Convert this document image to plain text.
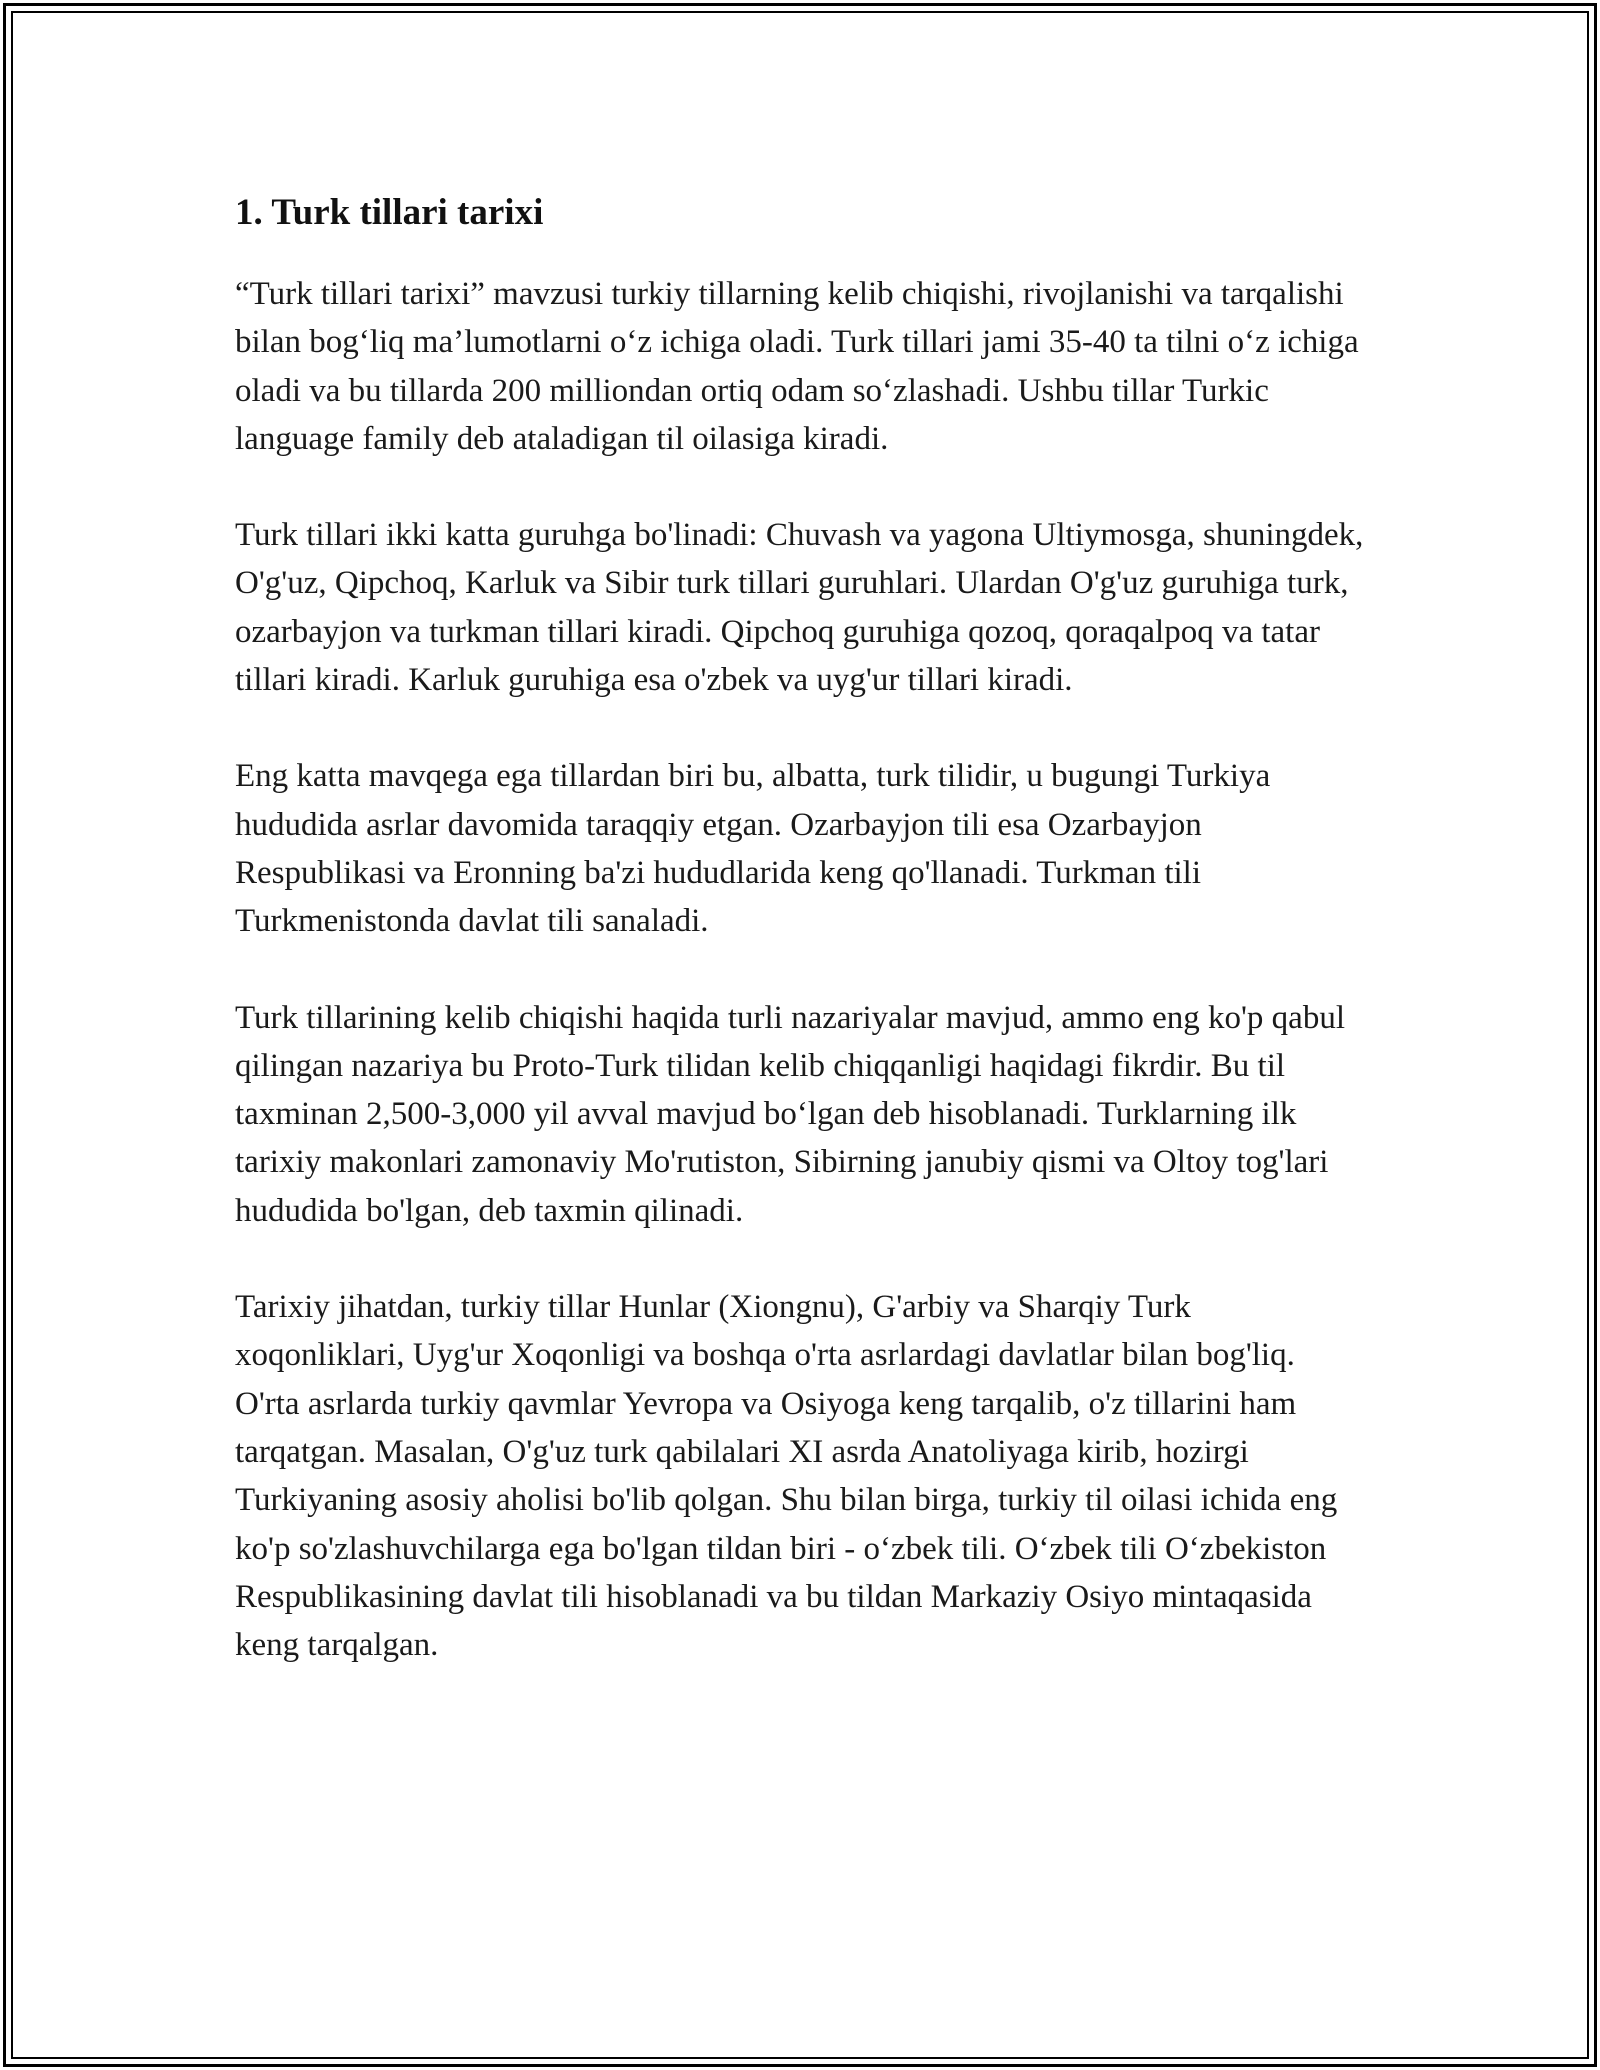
1. Turk tillari tarixi

“Turk tillari tarixi” mavzusi turkiy tillarning kelib chiqishi, rivojlanishi va tarqalishi bilan bog‘liq ma’lumotlarni o‘z ichiga oladi. Turk tillari jami 35-40 ta tilni o‘z ichiga oladi va bu tillarda 200 milliondan ortiq odam so‘zlashadi. Ushbu tillar Turkic language family deb ataladigan til oilasiga kiradi.

Turk tillari ikki katta guruhga bo'linadi: Chuvash va yagona Ultiymosga, shuningdek, O'g'uz, Qipchoq, Karluk va Sibir turk tillari guruhlari. Ulardan O'g'uz guruhiga turk, ozarbayjon va turkman tillari kiradi. Qipchoq guruhiga qozoq, qoraqalpoq va tatar tillari kiradi. Karluk guruhiga esa o'zbek va uyg'ur tillari kiradi.

Eng katta mavqega ega tillardan biri bu, albatta, turk tilidir, u bugungi Turkiya hududida asrlar davomida taraqqiy etgan. Ozarbayjon tili esa Ozarbayjon Respublikasi va Eronning ba'zi hududlarida keng qo'llanadi. Turkman tili Turkmenistonda davlat tili sanaladi.

Turk tillarining kelib chiqishi haqida turli nazariyalar mavjud, ammo eng ko'p qabul qilingan nazariya bu Proto-Turk tilidan kelib chiqqanligi haqidagi fikrdir. Bu til taxminan 2,500-3,000 yil avval mavjud bo‘lgan deb hisoblanadi. Turklarning ilk tarixiy makonlari zamonaviy Mo'rutiston, Sibirning janubiy qismi va Oltoy tog'lari hududida bo'lgan, deb taxmin qilinadi.

Tarixiy jihatdan, turkiy tillar Hunlar (Xiongnu), G'arbiy va Sharqiy Turk xoqonliklari, Uyg'ur Xoqonligi va boshqa o'rta asrlardagi davlatlar bilan bog'liq. O'rta asrlarda turkiy qavmlar Yevropa va Osiyoga keng tarqalib, o'z tillarini ham tarqatgan. Masalan, O'g'uz turk qabilalari XI asrda Anatoliyaga kirib, hozirgi Turkiyaning asosiy aholisi bo'lib qolgan. Shu bilan birga, turkiy til oilasi ichida eng ko'p so'zlashuvchilarga ega bo'lgan tildan biri - o‘zbek tili. O‘zbek tili O‘zbekiston Respublikasining davlat tili hisoblanadi va bu tildan Markaziy Osiyo mintaqasida keng tarqalgan.
